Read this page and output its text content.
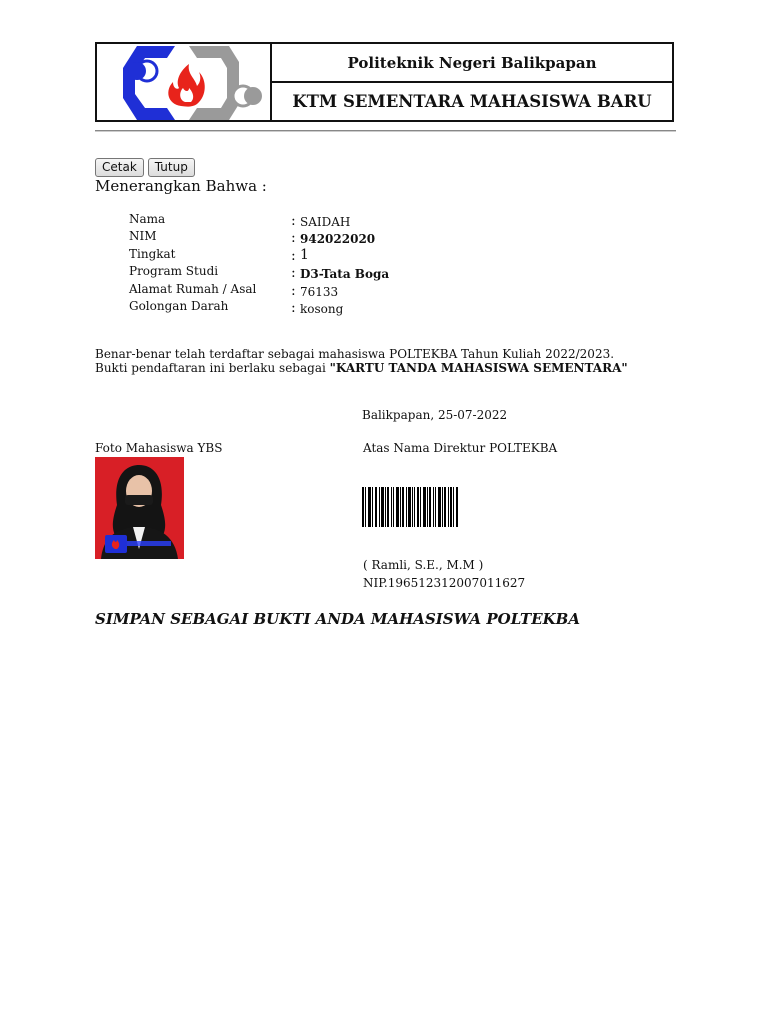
Politeknik Negeri Balikpapan
KTM SEMENTARA MAHASISWA BARU
Cetak	Tutup
Menerangkan Bahwa :
Nama	: SAIDAH
NIM	: 942022020
Tingkat	: 1
Program Studi	: D3-Tata Boga
Alamat Rumah / Asal : 76133
Golongan Darah	: kosong
Benar-benar telah terdaftar sebagai mahasiswa POLTEKBA Tahun Kuliah 2022/2023.
Bukti pendaftaran ini berlaku sebagai "KARTU TANDA MAHASISWA SEMENTARA"
Balikpapan, 25-07-2022
Foto Mahasiswa YBS	Atas Nama Direktur POLTEKBA
( Ramli, S.E., M.M )
NIP.196512312007011627
SIMPAN SEBAGAI BUKTI ANDA MAHASISWA POLTEKBA
